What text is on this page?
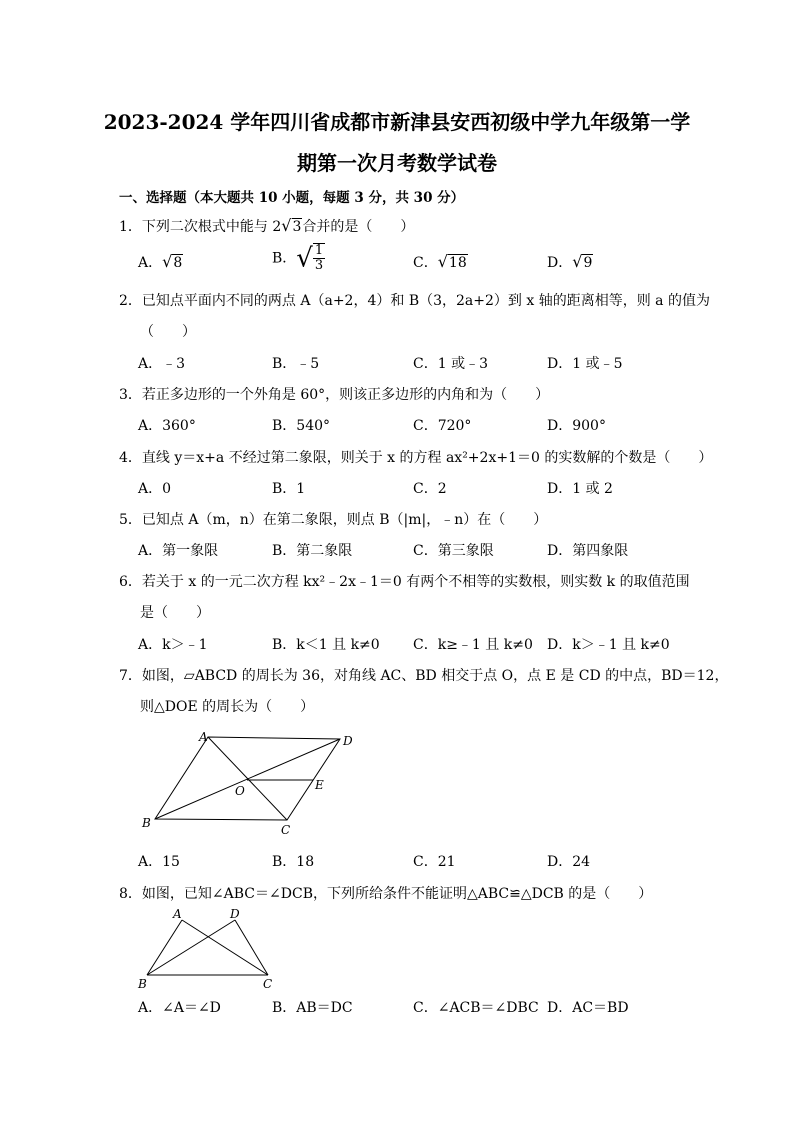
2023-2024 学年四川省成都市新津县安西初级中学九年级第一学
期第一次月考数学试卷
一、选择题（本大题共 10 小题，每题 3 分，共 30 分）
1．下列二次根式中能与 2√3合并的是（　　）
A．√8	B．√ $\frac{1}{3}$	C．√18	D．√9
2．已知点平面内不同的两点 A（a+2，4）和 B（3，2a+2）到 x 轴的距离相等，则 a 的值为
（　　）
A．﹣3	B．﹣5	C．1 或﹣3	D．1 或﹣5
3．若正多边形的一个外角是 60°，则该正多边形的内角和为（　　）
A．360°	B．540°	C．720°	D．900°
4．直线 y＝x+a 不经过第二象限，则关于 x 的方程 ax²+2x+1＝0 的实数解的个数是（　　）
A．0	B．1	C．2	D．1 或 2
5．已知点 A（m，n）在第二象限，则点 B（|m|，﹣n）在（　　）
A．第一象限	B．第二象限	C．第三象限	D．第四象限
6．若关于 x 的一元二次方程 kx²﹣2x﹣1＝0 有两个不相等的实数根，则实数 k 的取值范围
是（　　）
A．k＞﹣1	B．k＜1 且 k≠0 C．k≥﹣1 且 k≠0 D．k＞﹣1 且 k≠0
7．如图，▱ABCD 的周长为 36，对角线 AC、BD 相交于点 O，点 E 是 CD 的中点，BD＝12，
则△DOE 的周长为（　　）
A	D
O	E
B	C
A．15	B．18	C．21	D．24
8．如图，已知∠ABC＝∠DCB，下列所给条件不能证明△ABC≌△DCB 的是（　　）
A	D
B	C
A．∠A＝∠D	B．AB＝DC	C．∠ACB＝∠DBC D．AC＝BD
